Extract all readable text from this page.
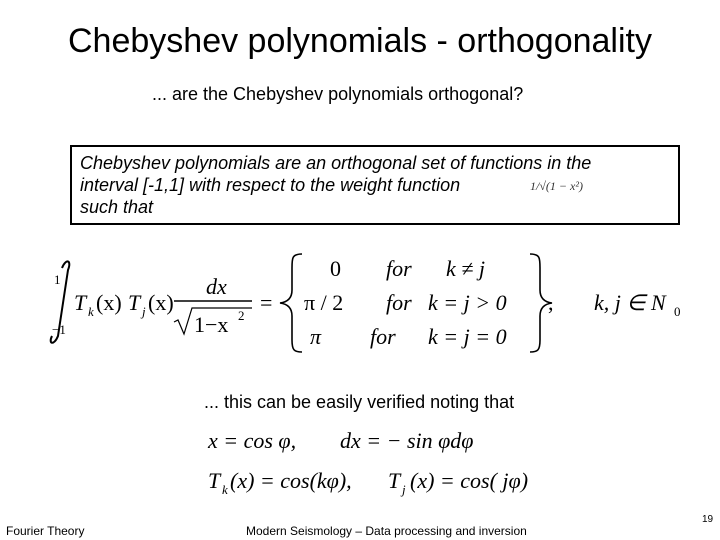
Chebyshev polynomials - orthogonality
... are the Chebyshev polynomials orthogonal?
Chebyshev polynomials are an orthogonal set of functions in the
interval [-1,1] with respect to the weight function
such that
1/√(1 − x²)
1
−1
T k (x) T j (x)
dx
1−x 2
=
0 for k ≠ j
π / 2 for k = j > 0
π for k = j = 0
, k, j ∈ N 0
... this can be easily verified noting that
x = cos φ, dx = − sin φdφ
T k (x) = cos(kφ), T j (x) = cos( jφ)
Fourier Theory	Modern Seismology – Data processing and inversion
19
